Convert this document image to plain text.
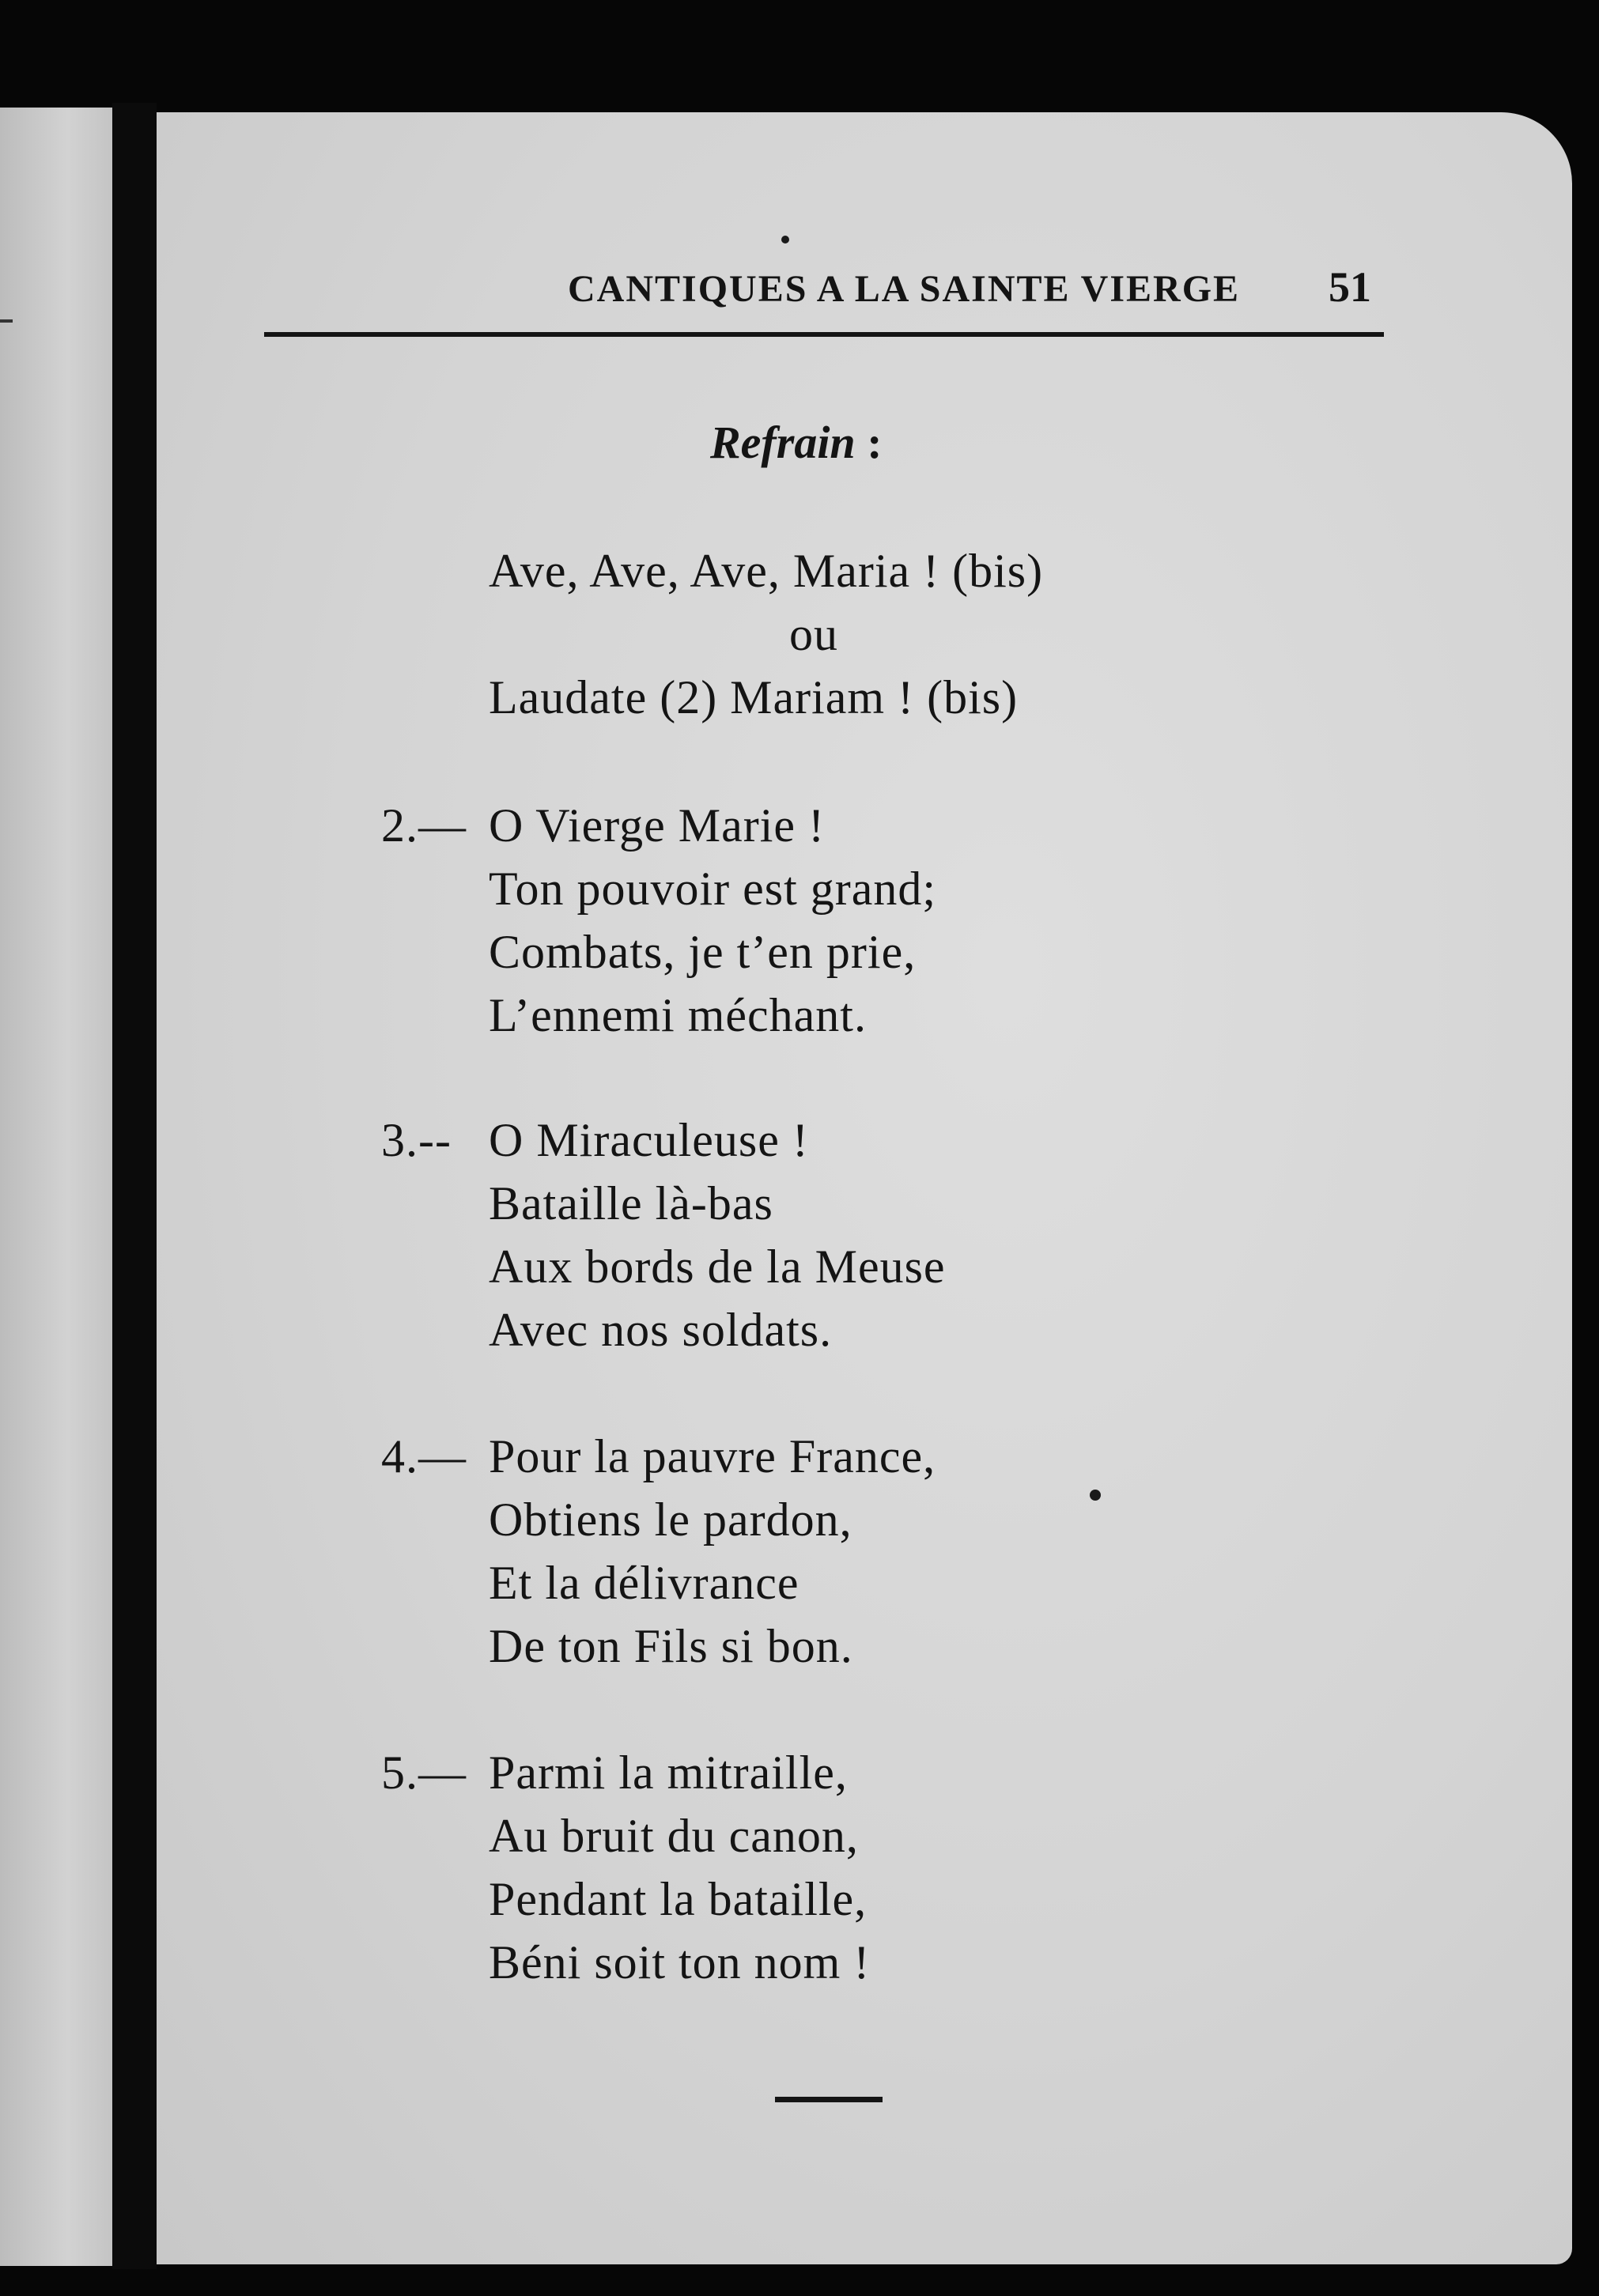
CANTIQUES A LA SAINTE VIERGE 51
Refrain :
Ave, Ave, Ave, Maria ! (bis)
ou
Laudate (2) Mariam ! (bis)
2.— O Vierge Marie !
Ton pouvoir est grand;
Combats, je t’en prie,
L’ennemi méchant.
3.-- O Miraculeuse !
Bataille là-bas
Aux bords de la Meuse
Avec nos soldats.
4.— Pour la pauvre France,
Obtiens le pardon,
Et la délivrance
De ton Fils si bon.
5.— Parmi la mitraille,
Au bruit du canon,
Pendant la bataille,
Béni soit ton nom !
